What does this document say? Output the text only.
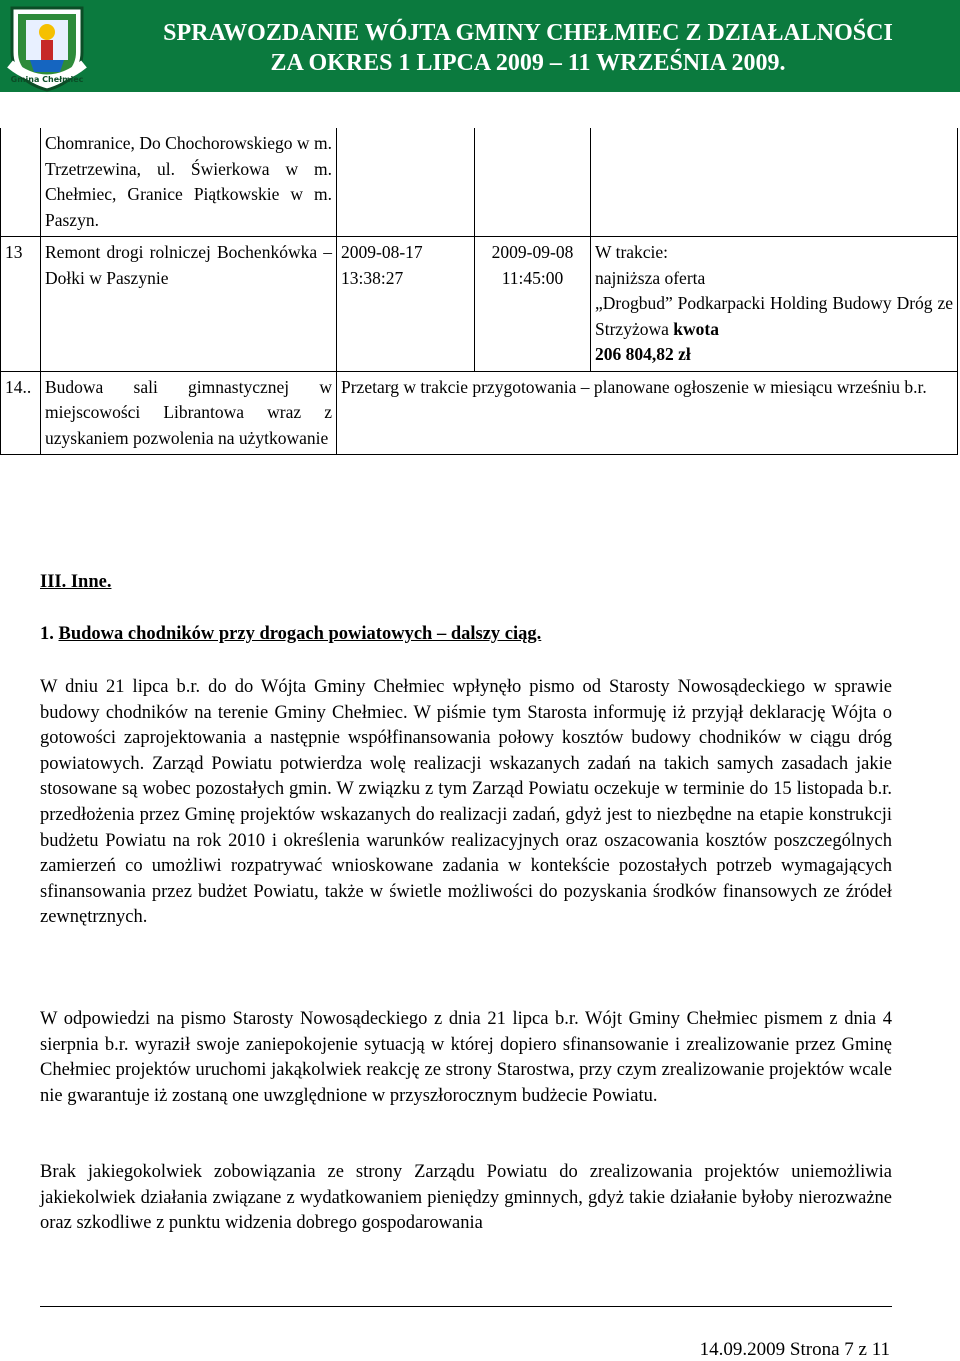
Gmina Chełmiec
SPRAWOZDANIE WÓJTA GMINY CHEŁMIEC Z DZIAŁALNOŚCI
ZA OKRES 1 LIPCA 2009 – 11 WRZEŚNIA 2009.
	Chomranice, Do Chochorowskiego w m. Trzetrzewina, ul. Świerkowa w m. Chełmiec, Granice Piątkowskie w m. Paszyn.			
13	Remont drogi rolniczej Bochenkówka – Dołki w Paszynie	2009-08-17 13:38:27	2009-09-08 11:45:00	W trakcie:
najniższa oferta
„Drogbud” Podkarpacki Holding Budowy Dróg ze Strzyżowa kwota
206 804,82 zł

14..	Budowa sali gimnastycznej w miejscowości Librantowa wraz z uzyskaniem pozwolenia na użytkowanie	Przetarg w trakcie przygotowania – planowane ogłoszenie w miesiącu wrześniu b.r.		
III. Inne.
1. Budowa chodników przy drogach powiatowych – dalszy ciąg.

W dniu 21 lipca b.r. do do Wójta Gminy Chełmiec wpłynęło pismo od Starosty Nowosądeckiego w sprawie budowy chodników na terenie Gminy Chełmiec. W piśmie tym Starosta informuję iż przyjął deklarację Wójta o gotowości zaprojektowania a następnie współfinansowania połowy kosztów budowy chodników w ciągu dróg powiatowych. Zarząd Powiatu potwierdza wolę realizacji wskazanych zadań na takich samych zasadach jakie stosowane są wobec pozostałych gmin. W związku z tym Zarząd Powiatu oczekuje w terminie do 15 listopada b.r. przedłożenia przez Gminę projektów wskazanych do realizacji zadań, gdyż jest to niezbędne na etapie konstrukcji budżetu Powiatu na rok 2010 i określenia warunków realizacyjnych oraz oszacowania kosztów poszczególnych zamierzeń co umożliwi rozpatrywać wnioskowane zadania w kontekście pozostałych potrzeb wymagających sfinansowania przez budżet Powiatu, także w świetle możliwości do pozyskania środków finansowych ze źródeł zewnętrznych.

W odpowiedzi na pismo Starosty Nowosądeckiego z dnia 21 lipca b.r. Wójt Gminy Chełmiec pismem z dnia 4 sierpnia b.r. wyraził swoje zaniepokojenie sytuacją w której dopiero sfinansowanie i zrealizowanie przez Gminę Chełmiec projektów uruchomi jakąkolwiek reakcję ze strony Starostwa, przy czym zrealizowanie projektów wcale nie gwarantuje iż zostaną one uwzględnione w przyszłorocznym budżecie Powiatu.

Brak jakiegokolwiek zobowiązania ze strony Zarządu Powiatu do zrealizowania projektów uniemożliwia jakiekolwiek działania związane z wydatkowaniem pieniędzy gminnych, gdyż takie działanie byłoby nierozważne oraz szkodliwe z punktu widzenia dobrego gospodarowania

14.09.2009 Strona 7 z 11
